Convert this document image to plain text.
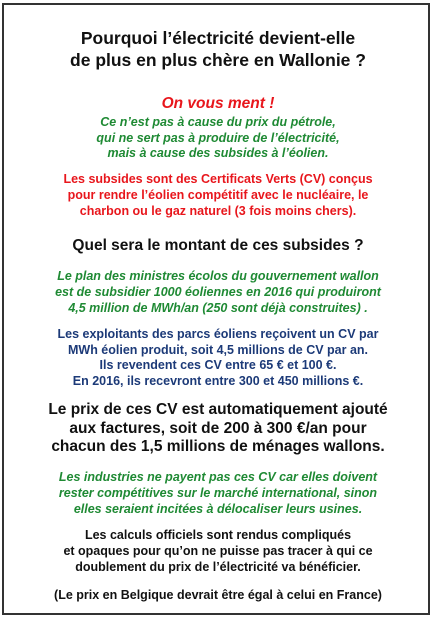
Pourquoi l’électricité devient-elle
de plus en plus chère en Wallonie ?

On vous ment !

Ce n’est pas à cause du prix du pétrole,
qui ne sert pas à produire de l’électricité,
mais à cause des subsides à l’éolien.

Les subsides sont des Certificats Verts (CV) conçus
pour rendre l’éolien compétitif avec le nucléaire, le
charbon ou le gaz naturel (3 fois moins chers).

Quel sera le montant de ces subsides ?

Le plan des ministres écolos du gouvernement wallon
est de subsidier 1000 éoliennes en 2016 qui produiront
4,5 million de MWh/an (250 sont déjà construites) .

Les exploitants des parcs éoliens reçoivent un CV par
MWh éolien produit, soit 4,5 millions de CV par an.
Ils revendent ces CV entre 65 € et 100 €.
En 2016, ils recevront entre 300 et 450 millions €.

Le prix de ces CV est automatiquement ajouté
aux factures, soit de 200 à 300 €/an pour
chacun des 1,5 millions de ménages wallons.

Les industries ne payent pas ces CV car elles doivent
rester compétitives sur le marché international, sinon
elles seraient incitées à délocaliser leurs usines.

Les calculs officiels sont rendus compliqués
et opaques pour qu’on ne puisse pas tracer à qui ce
doublement du prix de l’électricité va bénéficier.

(Le prix en Belgique devrait être égal à celui en France)
